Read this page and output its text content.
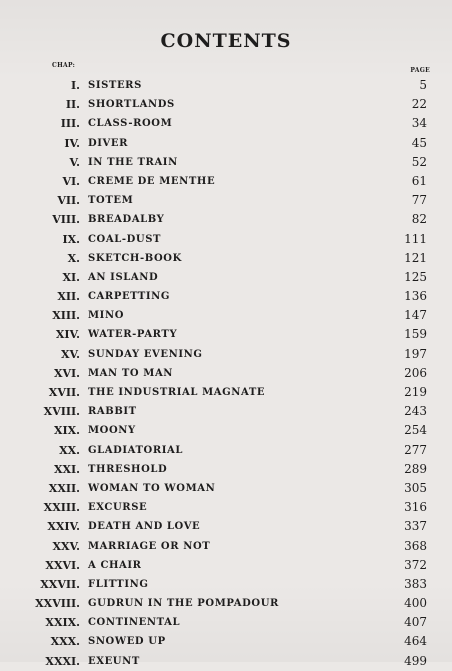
CONTENTS
CHAP:
PAGE
I. SISTERS	5
II. SHORTLANDS	22
III. CLASS-ROOM	34
IV. DIVER	45
V. IN THE TRAIN	52
VI. CREME DE MENTHE	61
VII. TOTEM	77
VIII. BREADALBY	82
IX. COAL-DUST	111
X. SKETCH-BOOK	121
XI. AN ISLAND	125
XII. CARPETTING	136
XIII. MINO	147
XIV. WATER-PARTY	159
XV. SUNDAY EVENING	197
XVI. MAN TO MAN	206
XVII. THE INDUSTRIAL MAGNATE	219
XVIII. RABBIT	243
XIX. MOONY	254
XX. GLADIATORIAL	277
XXI. THRESHOLD	289
XXII. WOMAN TO WOMAN	305
XXIII. EXCURSE	316
XXIV. DEATH AND LOVE	337
XXV. MARRIAGE OR NOT	368
XXVI. A CHAIR	372
XXVII. FLITTING	383
XXVIII. GUDRUN IN THE POMPADOUR	400
XXIX. CONTINENTAL	407
XXX. SNOWED UP	464
XXXI. EXEUNT	499
